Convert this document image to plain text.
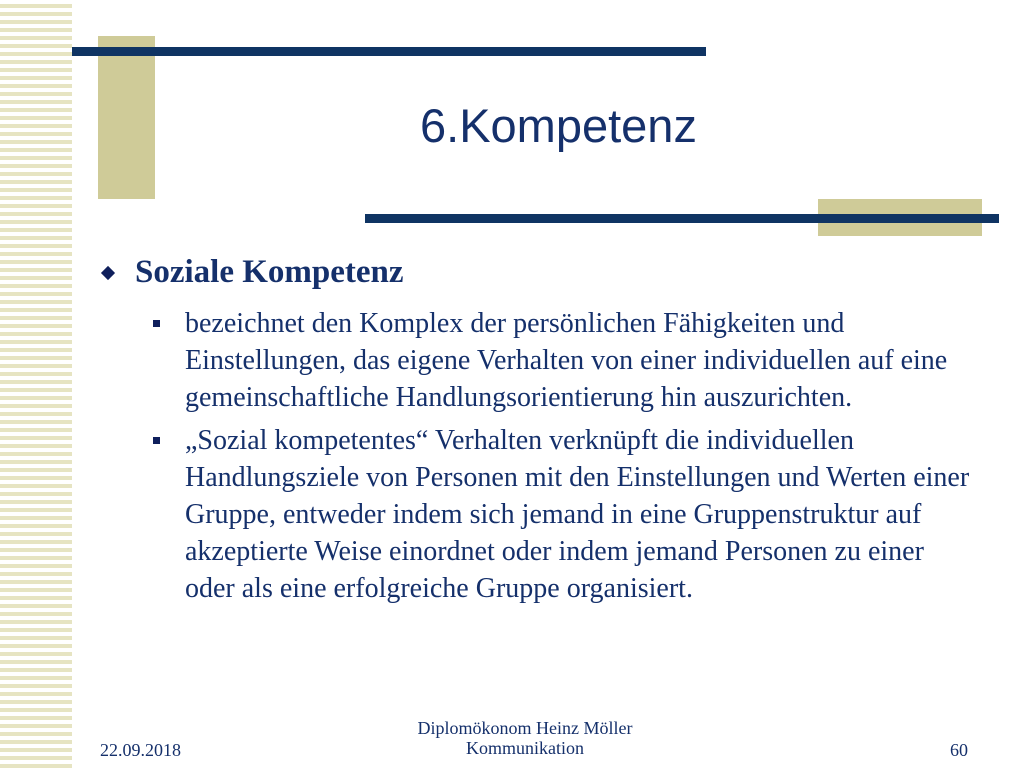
6.Kompetenz
Soziale Kompetenz
bezeichnet den Komplex der persönlichen Fähigkeiten und Einstellungen, das eigene Verhalten von einer individuellen auf eine gemeinschaftliche Handlungsorientierung hin auszurichten.
„Sozial kompetentes“ Verhalten verknüpft die individuellen Handlungsziele von Personen mit den Einstellungen und Werten einer Gruppe, entweder indem sich jemand in eine Gruppenstruktur auf akzeptierte Weise einordnet oder indem jemand Personen zu einer oder als eine erfolgreiche Gruppe organisiert.
22.09.2018
Diplomökonom Heinz Möller
Kommunikation	60
